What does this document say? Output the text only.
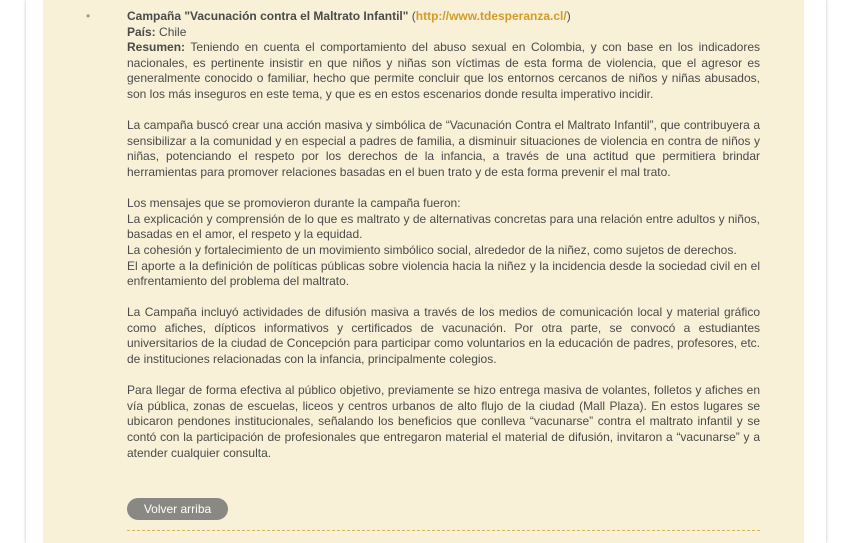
•	Campaña "Vacunación contra el Maltrato Infantil" (http://www.tdesperanza.cl/)

País: Chile

Resumen: Teniendo en cuenta el comportamiento del abuso sexual en Colombia, y con base en los indicadores nacionales, es pertinente insistir en que niños y niñas son víctimas de esta forma de violencia, que el agresor es generalmente conocido o familiar, hecho que permite concluir que los entornos cercanos de niños y niñas abusados, son los más inseguros en este tema, y que es en estos escenarios donde resulta imperativo incidir.

La campaña buscó crear una acción masiva y simbólica de “Vacunación Contra el Maltrato Infantil”, que contribuyera a sensibilizar a la comunidad y en especial a padres de familia, a disminuir situaciones de violencia en contra de niños y niñas, potenciando el respeto por los derechos de la infancia, a través de una actitud que permitiera brindar herramientas para promover relaciones basadas en el buen trato y de esta forma prevenir el mal trato.

Los mensajes que se promovieron durante la campaña fueron:

La explicación y comprensión de lo que es maltrato y de alternativas concretas para una relación entre adultos y niños, basadas en el amor, el respeto y la equidad.

La cohesión y fortalecimiento de un movimiento simbólico social, alrededor de la niñez, como sujetos de derechos.

El aporte a la definición de políticas públicas sobre violencia hacia la niñez y la incidencia desde la sociedad civil en el enfrentamiento del problema del maltrato.

La Campaña incluyó actividades de difusión masiva a través de los medios de comunicación local y material gráfico como afiches, dípticos informativos y certificados de vacunación. Por otra parte, se convocó a estudiantes universitarios de la ciudad de Concepción para participar como voluntarios en la educación de padres, profesores, etc. de instituciones relacionadas con la infancia, principalmente colegios.

Para llegar de forma efectiva al público objetivo, previamente se hizo entrega masiva de volantes, folletos y afiches en vía pública, zonas de escuelas, liceos y centros urbanos de alto flujo de la ciudad (Mall Plaza). En estos lugares se ubicaron pendones institucionales, señalando los beneficios que conlleva “vacunarse” contra el maltrato infantil y se contó con la participación de profesionales que entregaron material el material de difusión, invitaron a “vacunarse” y a atender cualquier consulta.

Volver arriba
